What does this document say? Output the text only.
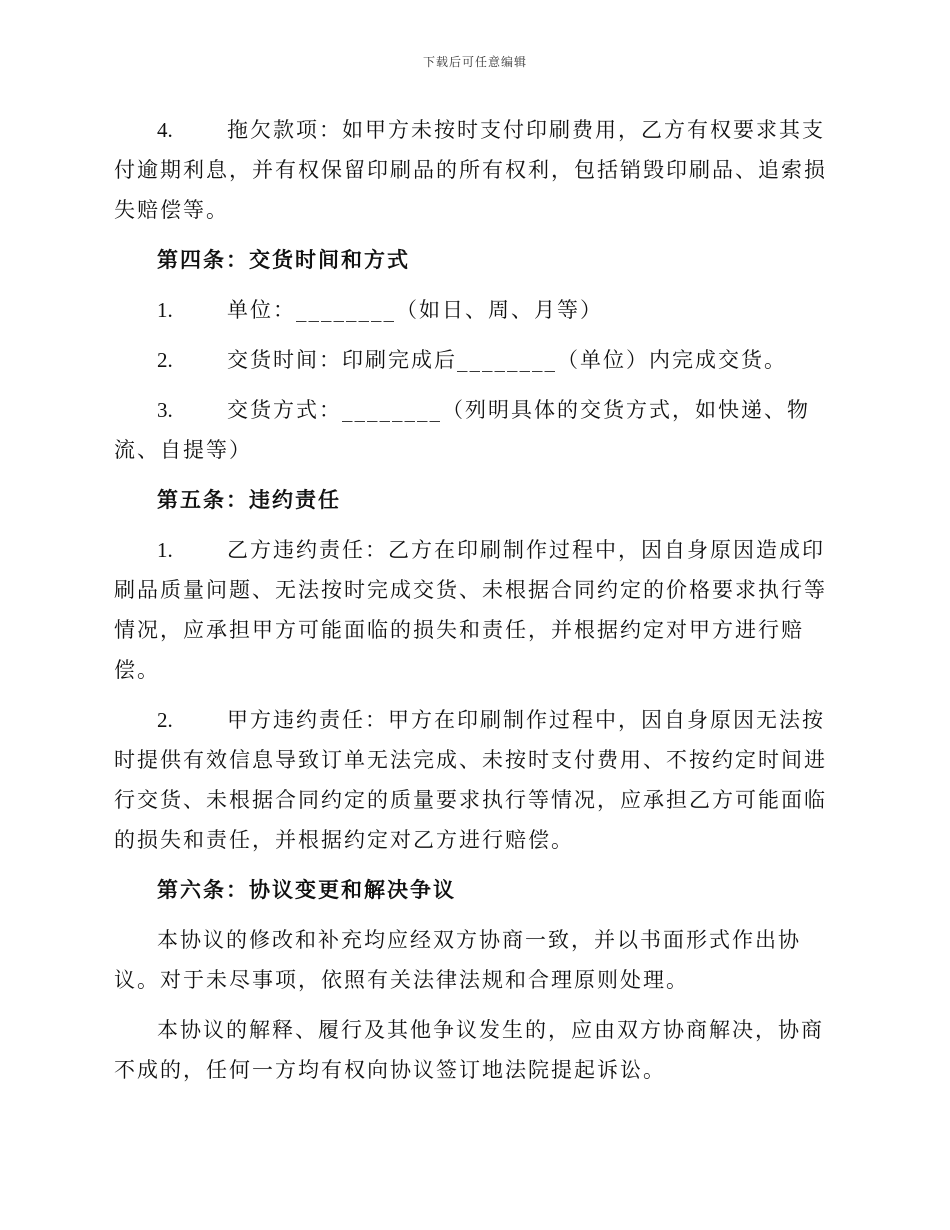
下载后可任意编辑

4.	拖欠款项：如甲方未按时支付印刷费用，乙方有权要求其支付逾期利息，并有权保留印刷品的所有权利，包括销毁印刷品、追索损失赔偿等。

第四条：交货时间和方式

1.	单位：________（如日、周、月等）

2.	交货时间：印刷完成后________（单位）内完成交货。

3.	交货方式：________（列明具体的交货方式，如快递、物流、自提等）

第五条：违约责任

1.	乙方违约责任：乙方在印刷制作过程中，因自身原因造成印刷品质量问题、无法按时完成交货、未根据合同约定的价格要求执行等情况，应承担甲方可能面临的损失和责任，并根据约定对甲方进行赔偿。

2.	甲方违约责任：甲方在印刷制作过程中，因自身原因无法按时提供有效信息导致订单无法完成、未按时支付费用、不按约定时间进行交货、未根据合同约定的质量要求执行等情况，应承担乙方可能面临的损失和责任，并根据约定对乙方进行赔偿。

第六条：协议变更和解决争议

本协议的修改和补充均应经双方协商一致，并以书面形式作出协议。对于未尽事项，依照有关法律法规和合理原则处理。

本协议的解释、履行及其他争议发生的，应由双方协商解决，协商不成的，任何一方均有权向协议签订地法院提起诉讼。
